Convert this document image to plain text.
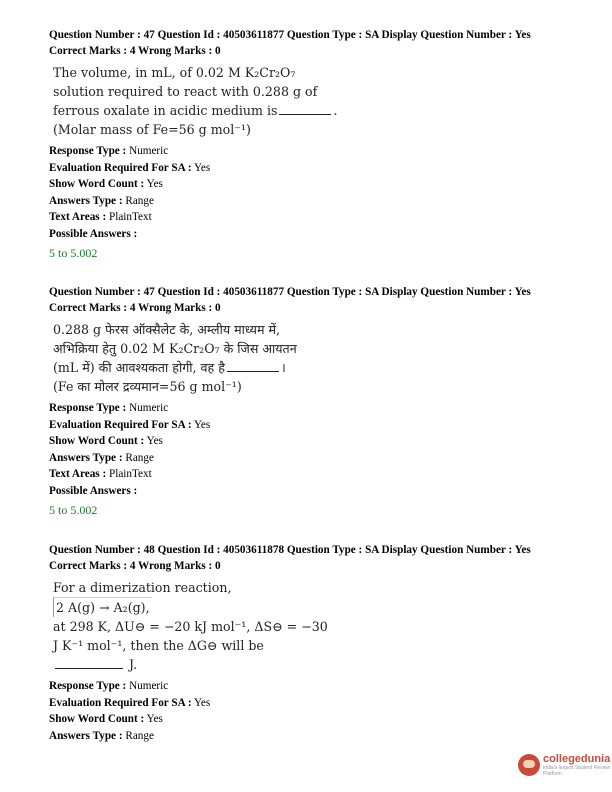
Question Number : 47 Question Id : 40503611877 Question Type : SA Display Question Number : Yes
Correct Marks : 4 Wrong Marks : 0
The volume, in mL, of 0.02 M K₂Cr₂O₇
solution required to react with 0.288 g of
ferrous oxalate in acidic medium is	.
(Molar mass of Fe=56 g mol⁻¹)
Response Type : Numeric
Evaluation Required For SA : Yes
Show Word Count : Yes
Answers Type : Range
Text Areas : PlainText
Possible Answers :
5 to 5.002
Question Number : 47 Question Id : 40503611877 Question Type : SA Display Question Number : Yes
Correct Marks : 4 Wrong Marks : 0
0.288 g फेरस ऑक्सैलेट के, अम्लीय माध्यम में,
अभिक्रिया हेतु 0.02 M K₂Cr₂O₇ के जिस आयतन
(mL में) की आवश्यकता होगी, वह है	।
(Fe का मोलर द्रव्यमान=56 g mol⁻¹)
Response Type : Numeric
Evaluation Required For SA : Yes
Show Word Count : Yes
Answers Type : Range
Text Areas : PlainText
Possible Answers :
5 to 5.002
Question Number : 48 Question Id : 40503611878 Question Type : SA Display Question Number : Yes
Correct Marks : 4 Wrong Marks : 0
For a dimerization reaction,
2 A(g) → A₂(g),
at 298 K, ΔU⊖ = −20 kJ mol⁻¹, ΔS⊖ = −30
J K⁻¹ mol⁻¹, then the ΔG⊖ will be
J.
Response Type : Numeric
Evaluation Required For SA : Yes
Show Word Count : Yes
Answers Type : Range
collegedunia
India's largest Student Review Platform
